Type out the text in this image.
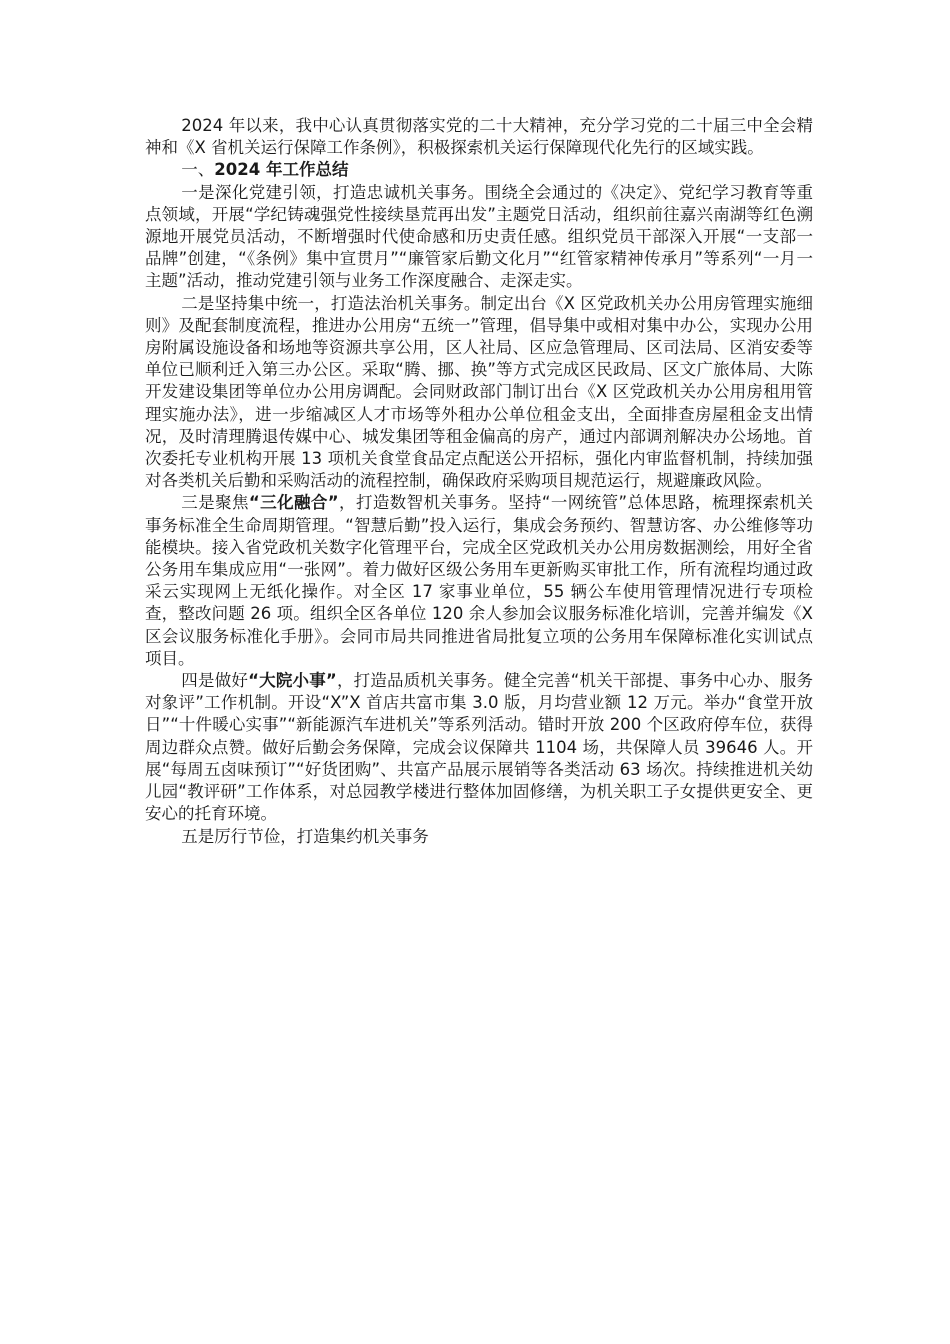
2024 年以来，我中心认真贯彻落实党的二十大精神，充分学习党的二十届三中全会精神和《X 省机关运行保障工作条例》，积极探索机关运行保障现代化先行的区域实践。

一、2024 年工作总结

一是深化党建引领，打造忠诚机关事务。围绕全会通过的《决定》、党纪学习教育等重点领域，开展“学纪铸魂强党性接续垦荒再出发”主题党日活动，组织前往嘉兴南湖等红色溯源地开展党员活动，不断增强时代使命感和历史责任感。组织党员干部深入开展“一支部一品牌”创建，“《条例》集中宣贯月”“廉管家后勤文化月”“红管家精神传承月”等系列“一月一主题”活动，推动党建引领与业务工作深度融合、走深走实。

二是坚持集中统一，打造法治机关事务。制定出台《X 区党政机关办公用房管理实施细则》及配套制度流程，推进办公用房“五统一”管理，倡导集中或相对集中办公，实现办公用房附属设施设备和场地等资源共享公用，区人社局、区应急管理局、区司法局、区消安委等单位已顺利迁入第三办公区。采取“腾、挪、换”等方式完成区民政局、区文广旅体局、大陈开发建设集团等单位办公用房调配。会同财政部门制订出台《X 区党政机关办公用房租用管理实施办法》，进一步缩减区人才市场等外租办公单位租金支出，全面排查房屋租金支出情况，及时清理腾退传媒中心、城发集团等租金偏高的房产，通过内部调剂解决办公场地。首次委托专业机构开展 13 项机关食堂食品定点配送公开招标，强化内审监督机制，持续加强对各类机关后勤和采购活动的流程控制，确保政府采购项目规范运行，规避廉政风险。

三是聚焦“三化融合”，打造数智机关事务。坚持“一网统管”总体思路，梳理探索机关事务标准全生命周期管理。“智慧后勤”投入运行，集成会务预约、智慧访客、办公维修等功能模块。接入省党政机关数字化管理平台，完成全区党政机关办公用房数据测绘，用好全省公务用车集成应用“一张网”。着力做好区级公务用车更新购买审批工作，所有流程均通过政采云实现网上无纸化操作。对全区 17 家事业单位，55 辆公车使用管理情况进行专项检查，整改问题 26 项。组织全区各单位 120 余人参加会议服务标准化培训，完善并编发《X 区会议服务标准化手册》。会同市局共同推进省局批复立项的公务用车保障标准化实训试点项目。

四是做好“大院小事”，打造品质机关事务。健全完善“机关干部提、事务中心办、服务对象评”工作机制。开设“X”X 首店共富市集 3.0 版，月均营业额 12 万元。举办“食堂开放日”“十件暖心实事”“新能源汽车进机关”等系列活动。错时开放 200 个区政府停车位，获得周边群众点赞。做好后勤会务保障，完成会议保障共 1104 场，共保障人员 39646 人。开展“每周五卤味预订”“好货团购”、共富产品展示展销等各类活动 63 场次。持续推进机关幼儿园“教评研”工作体系，对总园教学楼进行整体加固修缮，为机关职工子女提供更安全、更安心的托育环境。

五是厉行节俭，打造集约机关事务
